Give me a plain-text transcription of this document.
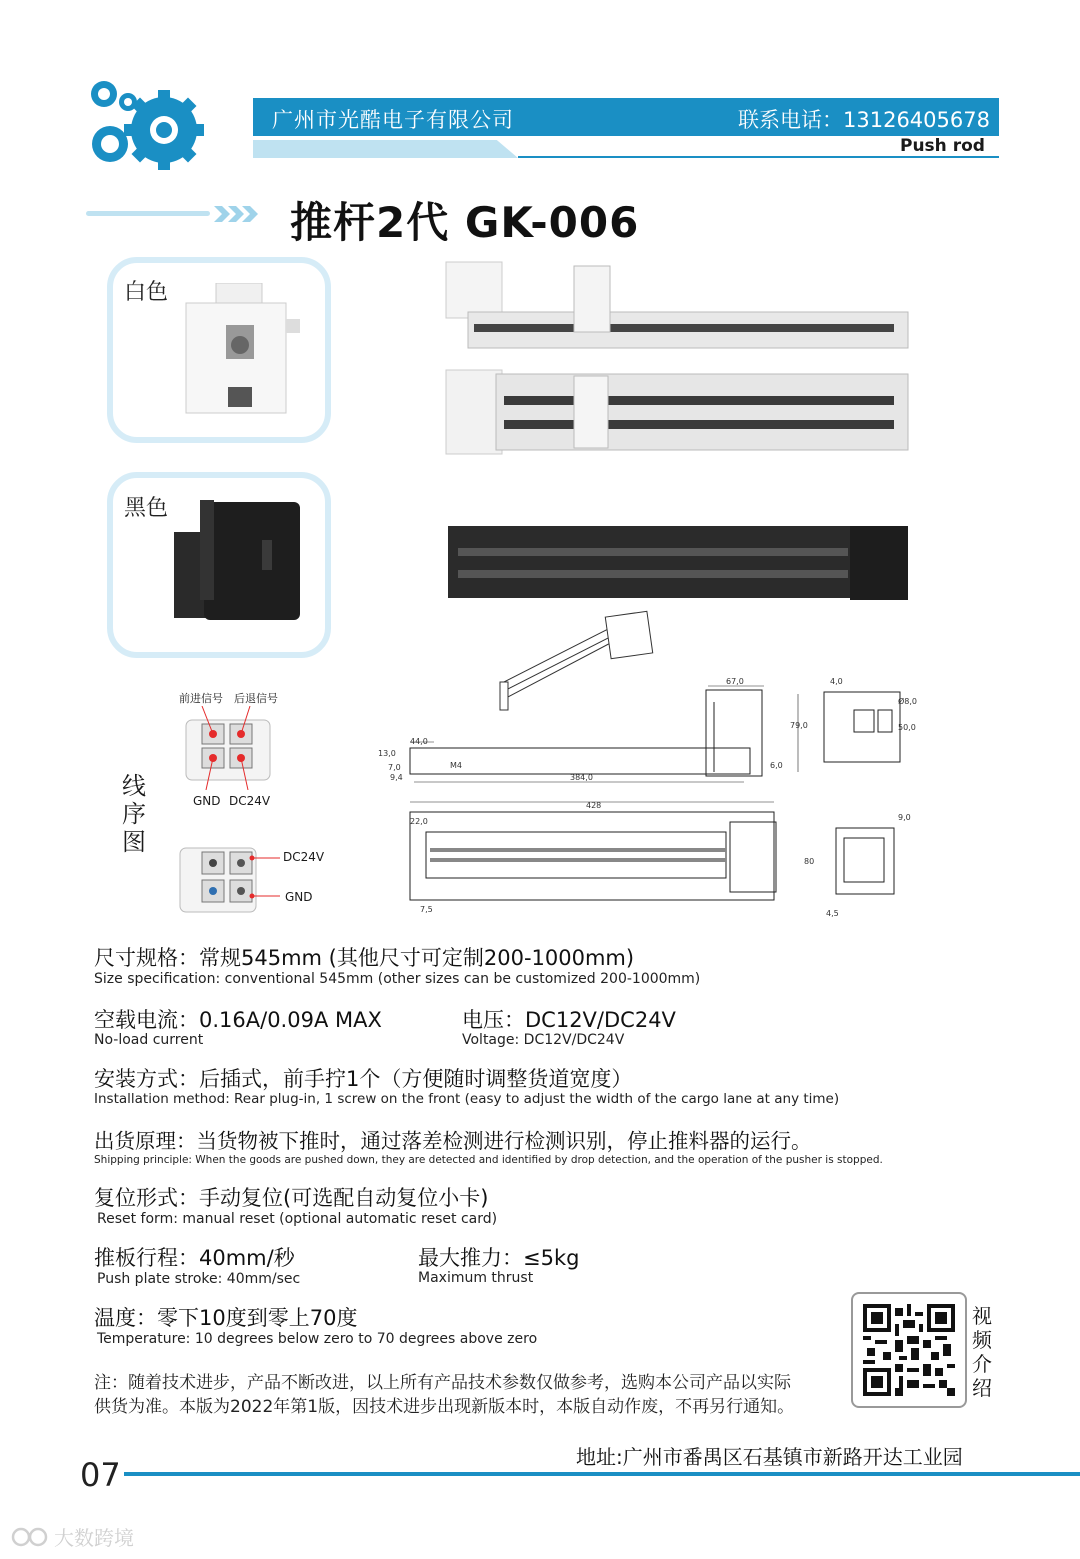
广州市光酷电子有限公司	联系电话：13126405678
Push rod
推杆2代 GK-006
白色
黑色
前进信号 后退信号
GND DC24V
线序图
DC24V
GND
67,0
79,0
44,0
13,0
7,0
9,4
M4
384,0
6,0
4,0
Ø8,0
50,0
428
22,0
7,5
9,0
80
4,5
尺寸规格：常规545mm (其他尺寸可定制200-1000mm)
Size specification: conventional 545mm (other sizes can be customized 200-1000mm)
空载电流：0.16A/0.09A MAX
No-load current
电压：DC12V/DC24V
Voltage: DC12V/DC24V
安装方式：后插式，前手拧1个（方便随时调整货道宽度）
Installation method: Rear plug-in, 1 screw on the front (easy to adjust the width of the cargo lane at any time)
出货原理：当货物被下推时，通过落差检测进行检测识别，停止推料器的运行。
Shipping principle: When the goods are pushed down, they are detected and identified by drop detection, and the operation of the pusher is stopped.
复位形式：手动复位(可选配自动复位小卡)
Reset form: manual reset (optional automatic reset card)
推板行程：40mm/秒
Push plate stroke: 40mm/sec
最大推力：≤5kg
Maximum thrust
温度：零下10度到零上70度
Temperature: 10 degrees below zero to 70 degrees above zero
注：随着技术进步，产品不断改进，以上所有产品技术参数仅做参考，选购本公司产品以实际
供货为准。本版为2022年第1版，因技术进步出现新版本时，本版自动作废，不再另行通知。
视频介绍
地址:广州市番禺区石基镇市新路开达工业园
07
大数跨境
